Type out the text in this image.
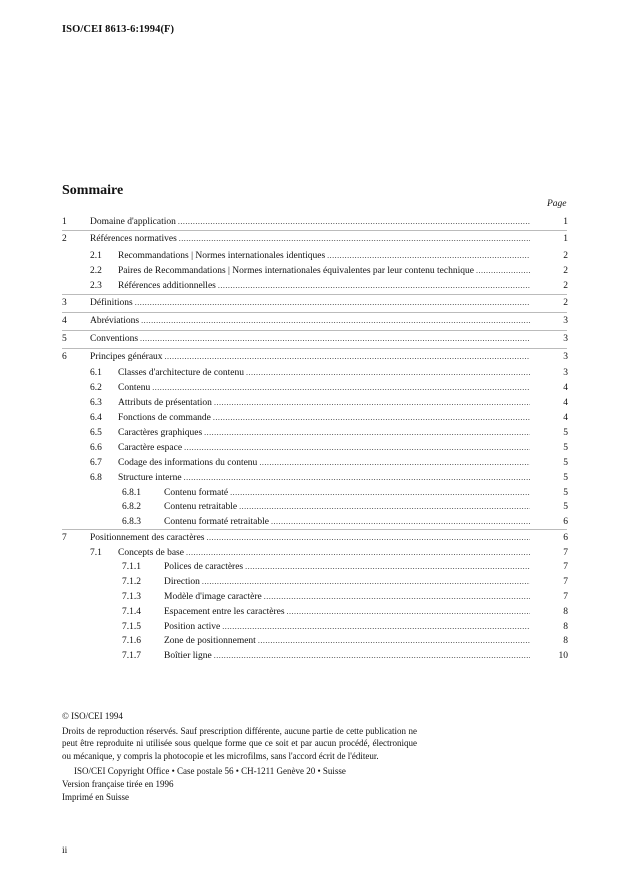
ISO/CEI 8613-6:1994(F)
Sommaire
Page
1 Domaine d'application .....	1
2 Références normatives .....	1
2.1 Recommandations | Normes internationales identiques .....	2
2.2 Paires de Recommandations | Normes internationales équivalentes par leur contenu technique .....	2
2.3 Références additionnelles .....	2
3 Définitions .....	2
4 Abréviations .....	3
5 Conventions .....	3
6 Principes généraux .....	3
6.1 Classes d'architecture de contenu .....	3
6.2 Contenu .....	4
6.3 Attributs de présentation .....	4
6.4 Fonctions de commande .....	4
6.5 Caractères graphiques .....	5
6.6 Caractère espace .....	5
6.7 Codage des informations du contenu .....	5
6.8 Structure interne .....	5
6.8.1 Contenu formaté .....	5
6.8.2 Contenu retraitable .....	5
6.8.3 Contenu formaté retraitable .....	6
7 Positionnement des caractères .....	6
7.1 Concepts de base .....	7
7.1.1 Polices de caractères .....	7
7.1.2 Direction .....	7
7.1.3 Modèle d'image caractère .....	7
7.1.4 Espacement entre les caractères .....	8
7.1.5 Position active .....	8
7.1.6 Zone de positionnement .....	8
7.1.7 Boîtier ligne .....	10

© ISO/CEI 1994

Droits de reproduction réservés. Sauf prescription différente, aucune partie de cette publication ne peut être reproduite ni utilisée sous quelque forme que ce soit et par aucun procédé, électronique ou mécanique, y compris la photocopie et les microfilms, sans l'accord écrit de l'éditeur.

ISO/CEI Copyright Office • Case postale 56 • CH-1211 Genève 20 • Suisse

Version française tirée en 1996

Imprimé en Suisse

ii
